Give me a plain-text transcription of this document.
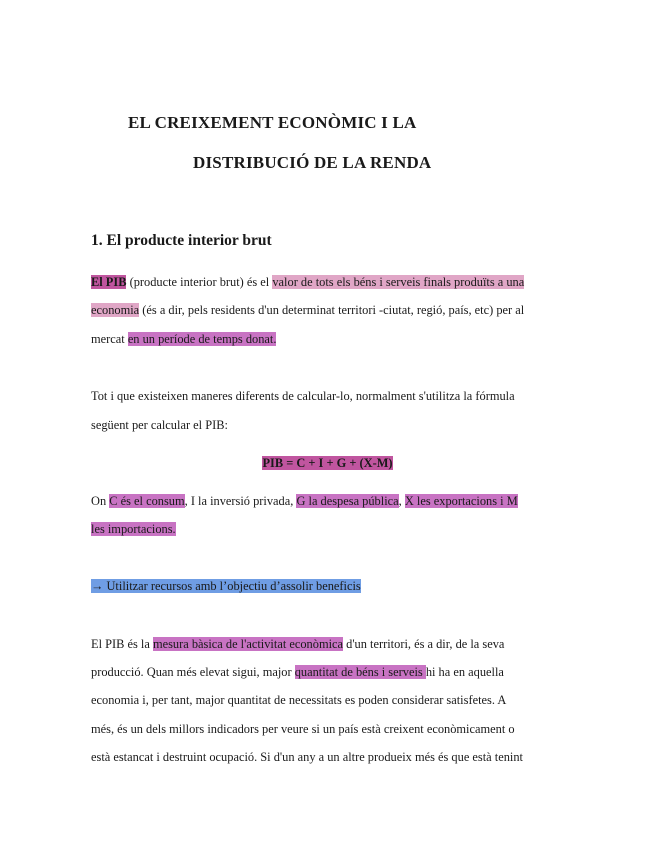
EL CREIXEMENT ECONÒMIC I LA
DISTRIBUCIÓ DE LA RENDA
1. El producte interior brut
El PIB (producte interior brut) és el valor de tots els béns i serveis finals produïts a una
economia (és a dir, pels residents d'un determinat territori -ciutat, regió, país, etc) per al
mercat en un període de temps donat.
Tot i que existeixen maneres diferents de calcular-lo, normalment s'utilitza la fórmula
següent per calcular el PIB:
PIB = C + I + G + (X-M)
On C és el consum, I la inversió privada, G la despesa pública, X les exportacions i M
les importacions.
→ Utilitzar recursos amb l’objectiu d’assolir beneficis
El PIB és la mesura bàsica de l'activitat econòmica d'un territori, és a dir, de la seva
producció. Quan més elevat sigui, major quantitat de béns i serveis hi ha en aquella
economia i, per tant, major quantitat de necessitats es poden considerar satisfetes. A
més, és un dels millors indicadors per veure si un país està creixent econòmicament o
està estancat i destruint ocupació. Si d'un any a un altre produeix més és que està tenint
